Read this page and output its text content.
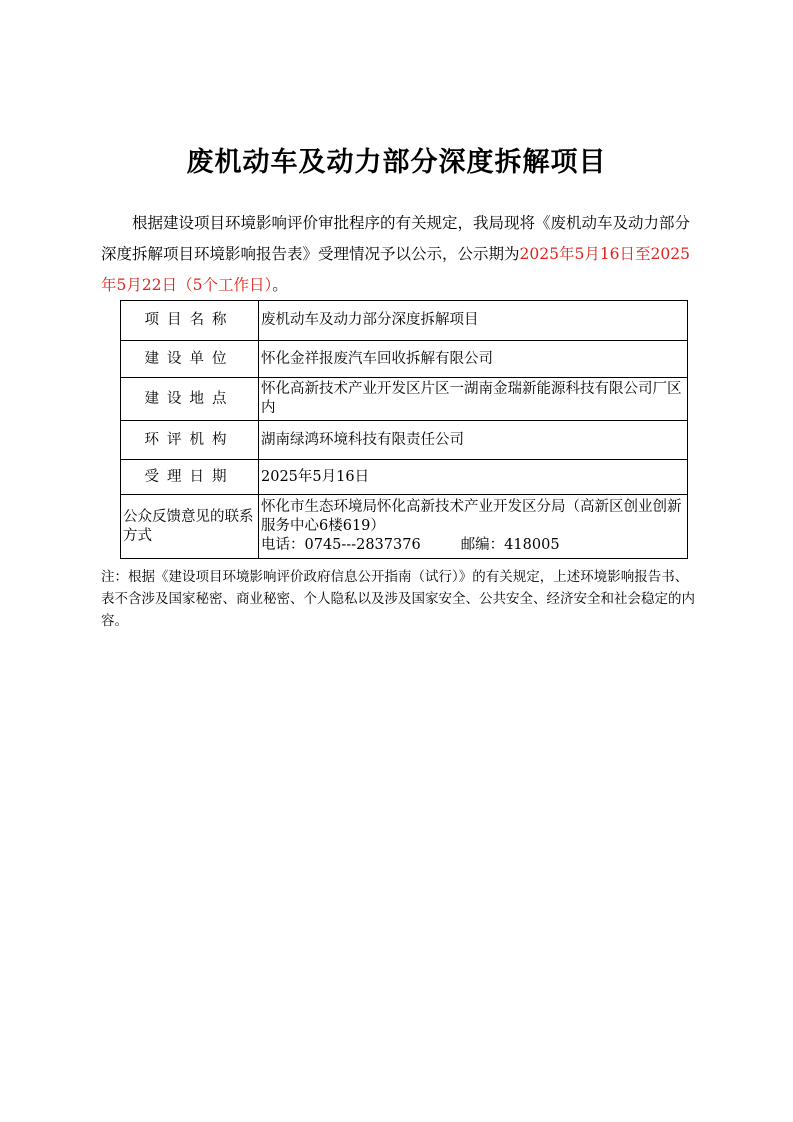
废机动车及动力部分深度拆解项目

根据建设项目环境影响评价审批程序的有关规定，我局现将《废机动车及动力部分深度拆解项目环境影响报告表》受理情况予以公示，公示期为2025年5月16日至2025年5月22日（5个工作日）。

项目名称	废机动车及动力部分深度拆解项目
建设单位	怀化金祥报废汽车回收拆解有限公司
建设地点	怀化高新技术产业开发区片区一湖南金瑞新能源科技有限公司厂区内
环评机构	湖南绿鸿环境科技有限责任公司
受理日期	2025年5月16日
公众反馈意见的联系方式	怀化市生态环境局怀化高新技术产业开发区分局（高新区创业创新服务中心6楼619）
电话：0745---2837376 邮编：418005

注：根据《建设项目环境影响评价政府信息公开指南（试行）》的有关规定，上述环境影响报告书、表不含涉及国家秘密、商业秘密、个人隐私以及涉及国家安全、公共安全、经济安全和社会稳定的内容。
